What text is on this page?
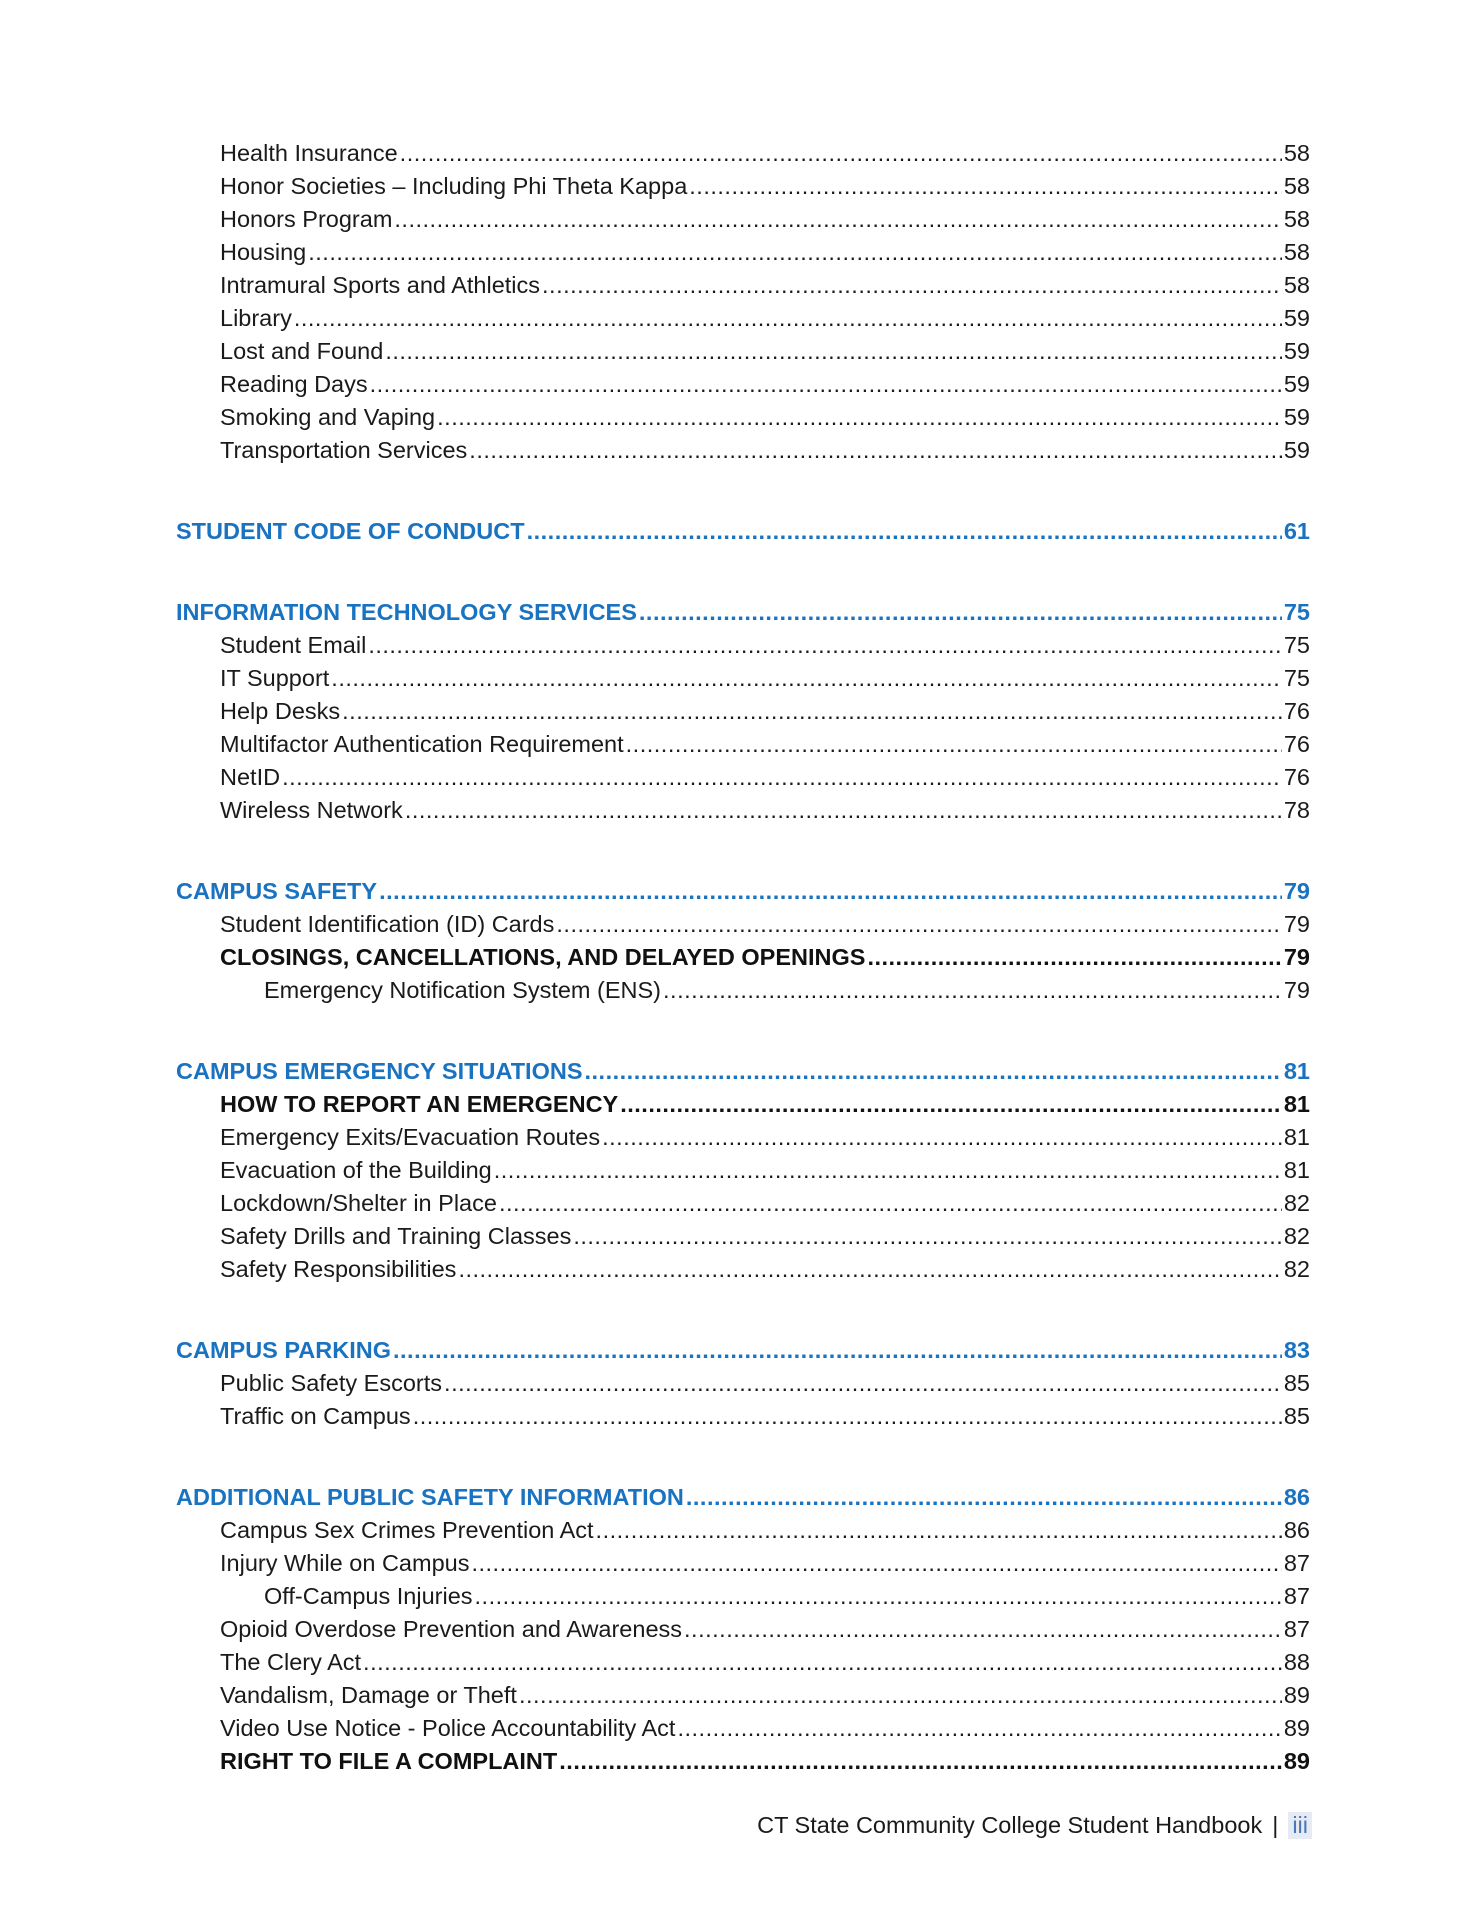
Health Insurance .....	58
Honor Societies – Including Phi Theta Kappa .....	58
Honors Program .....	58
Housing .....	58
Intramural Sports and Athletics .....	58
Library .....	59
Lost and Found .....	59
Reading Days .....	59
Smoking and Vaping .....	59
Transportation Services .....	59
STUDENT CODE OF CONDUCT .....	61
INFORMATION TECHNOLOGY SERVICES .....	75
Student Email .....	75
IT Support .....	75
Help Desks .....	76
Multifactor Authentication Requirement .....	76
NetID .....	76
Wireless Network .....	78
CAMPUS SAFETY .....	79
Student Identification (ID) Cards .....	79
CLOSINGS, CANCELLATIONS, AND DELAYED OPENINGS .....	79
Emergency Notification System (ENS) .....	79
CAMPUS EMERGENCY SITUATIONS .....	81
HOW TO REPORT AN EMERGENCY .....	81
Emergency Exits/Evacuation Routes .....	81
Evacuation of the Building .....	81
Lockdown/Shelter in Place .....	82
Safety Drills and Training Classes .....	82
Safety Responsibilities .....	82
CAMPUS PARKING .....	83
Public Safety Escorts .....	85
Traffic on Campus .....	85
ADDITIONAL PUBLIC SAFETY INFORMATION .....	86
Campus Sex Crimes Prevention Act .....	86
Injury While on Campus .....	87
Off-Campus Injuries .....	87
Opioid Overdose Prevention and Awareness .....	87
The Clery Act .....	88
Vandalism, Damage or Theft .....	89
Video Use Notice - Police Accountability Act .....	89
RIGHT TO FILE A COMPLAINT .....	89
CT State Community College Student Handbook | iii
